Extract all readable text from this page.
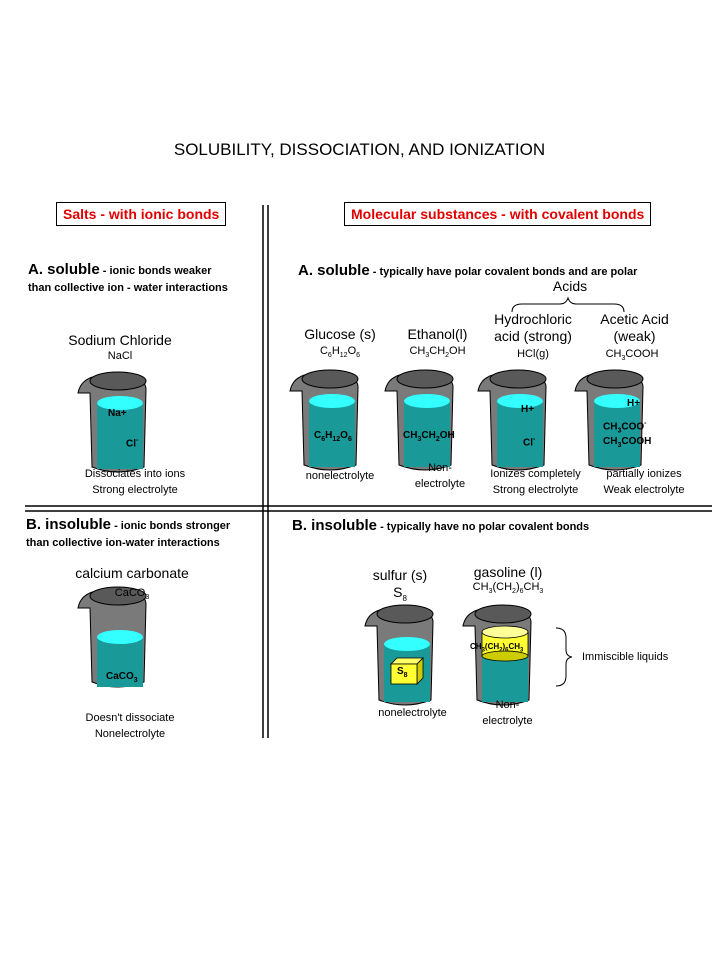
SOLUBILITY, DISSOCIATION, AND IONIZATION
Salts - with ionic bonds	Molecular substances - with covalent bonds
A. soluble - ionic bonds weaker
than collective ion - water interactions
Sodium Chloride
NaCl
Na+
Cl-
Dissociates into ions
Strong electrolyte
B. insoluble - ionic bonds stronger
than collective ion-water interactions
calcium carbonate
CaCO$_3$
CaCO$_3$
Doesn't dissociate
Nonelectrolyte
A. soluble - typically have polar covalent bonds and are polar
Acids
Glucose (s)
$C_6H_{12}O_6$
$C_6H_{12}O_6$
nonelectrolyte
Ethanol(l)
$CH_3CH_2OH$
$CH_3CH_2OH$
Non-
electrolyte
Hydrochloric
acid (strong)
HCl(g)
H+
Cl-
Ionizes completely
Strong electrolyte
Acetic Acid
(weak)
$CH_3COOH$
H+
$CH_3COO^-$
$CH_3COOH$
partially ionizes
Weak electrolyte
B. insoluble - typically have no polar covalent bonds
sulfur (s)
$S_8$
$S_8$
nonelectrolyte
gasoline (l)
$CH_3(CH_2)_6CH_3$
$CH_3(CH_2)_6CH_3$
Non-
electrolyte
Immiscible liquids
